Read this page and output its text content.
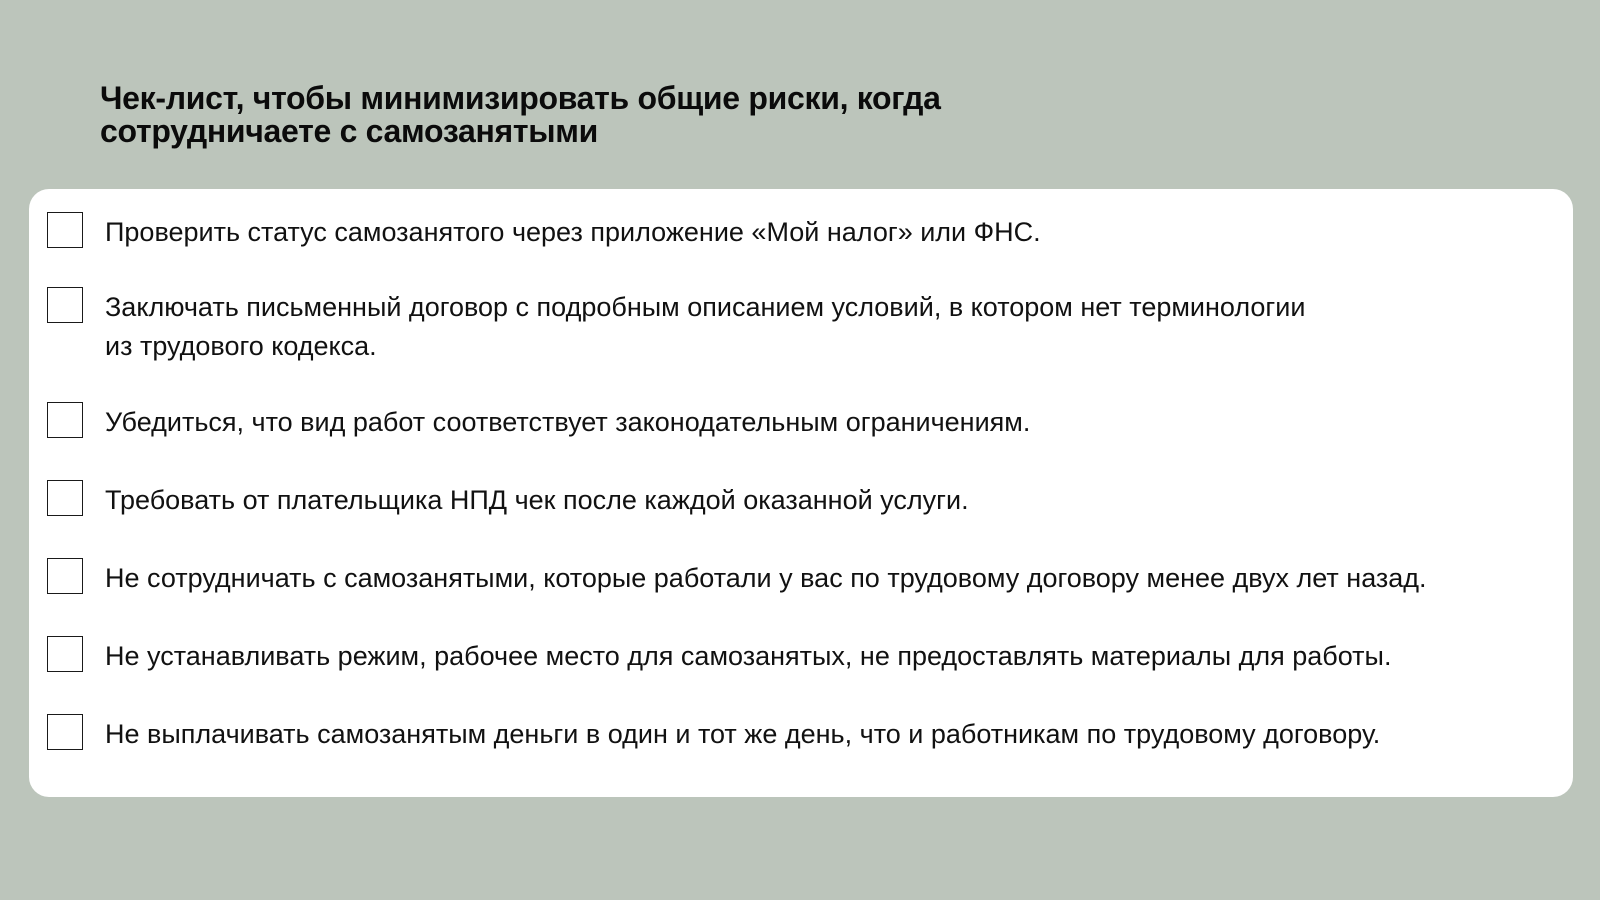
Чек-лист, чтобы минимизировать общие риски, когда
сотрудничаете с самозанятыми
Проверить статус самозанятого через приложение «Мой налог» или ФНС.
Заключать письменный договор с подробным описанием условий, в котором нет терминологии
из трудового кодекса.
Убедиться, что вид работ соответствует законодательным ограничениям.
Требовать от плательщика НПД чек после каждой оказанной услуги.
Не сотрудничать с самозанятыми, которые работали у вас по трудовому договору менее двух лет назад.
Не устанавливать режим, рабочее место для самозанятых, не предоставлять материалы для работы.
Не выплачивать самозанятым деньги в один и тот же день, что и работникам по трудовому договору.
